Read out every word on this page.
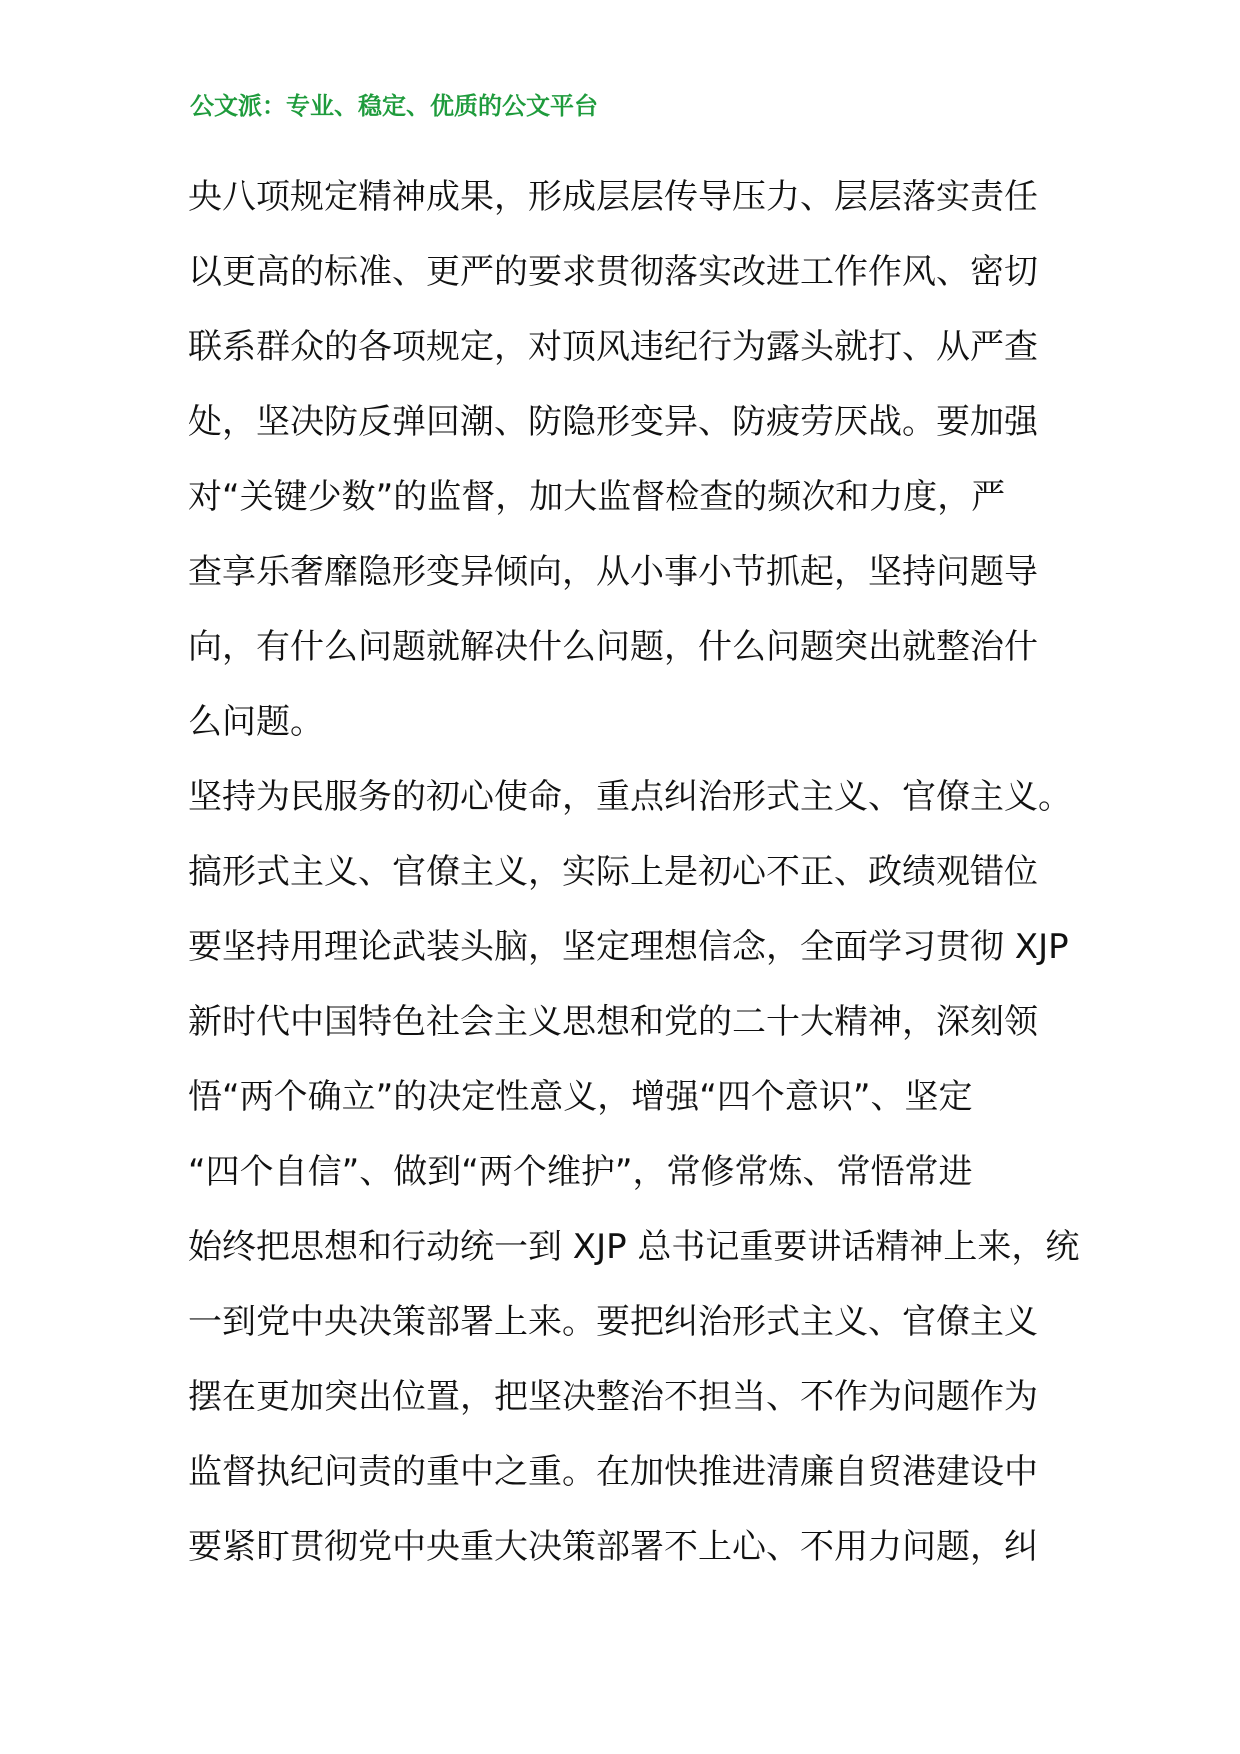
公文派：专业、稳定、优质的公文平台
央八项规定精神成果，形成层层传导压力、层层落实责任
以更高的标准、更严的要求贯彻落实改进工作作风、密切
联系群众的各项规定，对顶风违纪行为露头就打、从严查
处，坚决防反弹回潮、防隐形变异、防疲劳厌战。要加强
对“关键少数”的监督，加大监督检查的频次和力度，严
查享乐奢靡隐形变异倾向，从小事小节抓起，坚持问题导
向，有什么问题就解决什么问题，什么问题突出就整治什
么问题。
坚持为民服务的初心使命，重点纠治形式主义、官僚主义。
搞形式主义、官僚主义，实际上是初心不正、政绩观错位
要坚持用理论武装头脑，坚定理想信念，全面学习贯彻 XJP
新时代中国特色社会主义思想和党的二十大精神，深刻领
悟“两个确立”的决定性意义，增强“四个意识”、坚定
“四个自信”、做到“两个维护”，常修常炼、常悟常进
始终把思想和行动统一到 XJP 总书记重要讲话精神上来，统
一到党中央决策部署上来。要把纠治形式主义、官僚主义
摆在更加突出位置，把坚决整治不担当、不作为问题作为
监督执纪问责的重中之重。在加快推进清廉自贸港建设中
要紧盯贯彻党中央重大决策部署不上心、不用力问题，纠
